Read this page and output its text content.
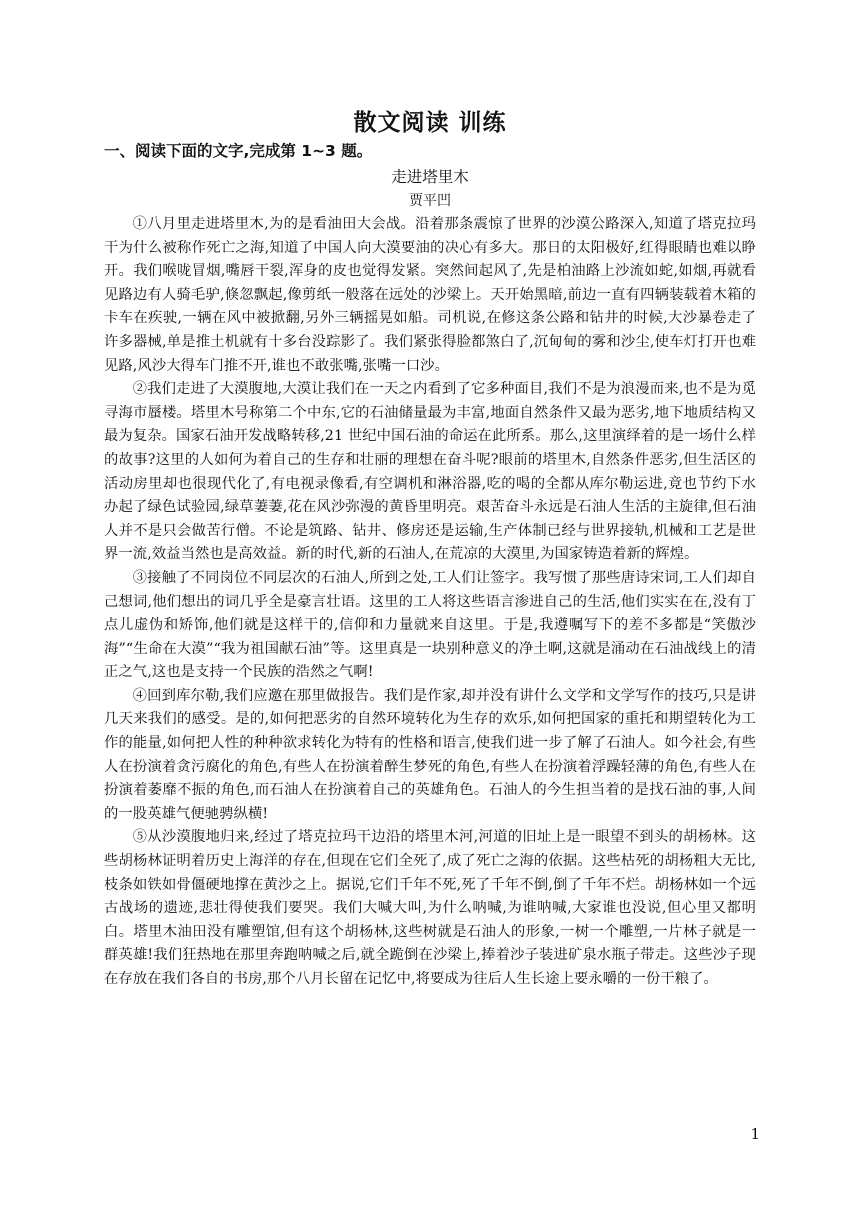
散文阅读 训练

一、阅读下面的文字,完成第 1~3 题。

走进塔里木

贾平凹

①八月里走进塔里木,为的是看油田大会战。沿着那条震惊了世界的沙漠公路深入,知道了塔克拉玛干为什么被称作死亡之海,知道了中国人向大漠要油的决心有多大。那日的太阳极好,红得眼睛也难以睁开。我们喉咙冒烟,嘴唇干裂,浑身的皮也觉得发紧。突然间起风了,先是柏油路上沙流如蛇,如烟,再就看见路边有人骑毛驴,倏忽飘起,像剪纸一般落在远处的沙梁上。天开始黑暗,前边一直有四辆装载着木箱的卡车在疾驶,一辆在风中被掀翻,另外三辆摇晃如船。司机说,在修这条公路和钻井的时候,大沙暴卷走了许多器械,单是推土机就有十多台没踪影了。我们紧张得脸都煞白了,沉甸甸的雾和沙尘,使车灯打开也难见路,风沙大得车门推不开,谁也不敢张嘴,张嘴一口沙。

②我们走进了大漠腹地,大漠让我们在一天之内看到了它多种面目,我们不是为浪漫而来,也不是为觅寻海市蜃楼。塔里木号称第二个中东,它的石油储量最为丰富,地面自然条件又最为恶劣,地下地质结构又最为复杂。国家石油开发战略转移,21 世纪中国石油的命运在此所系。那么,这里演绎着的是一场什么样的故事?这里的人如何为着自己的生存和壮丽的理想在奋斗呢?眼前的塔里木,自然条件恶劣,但生活区的活动房里却也很现代化了,有电视录像看,有空调机和淋浴器,吃的喝的全都从库尔勒运进,竟也节约下水办起了绿色试验园,绿草萋萋,花在风沙弥漫的黄昏里明亮。艰苦奋斗永远是石油人生活的主旋律,但石油人并不是只会做苦行僧。不论是筑路、钻井、修房还是运输,生产体制已经与世界接轨,机械和工艺是世界一流,效益当然也是高效益。新的时代,新的石油人,在荒凉的大漠里,为国家铸造着新的辉煌。

③接触了不同岗位不同层次的石油人,所到之处,工人们让签字。我写惯了那些唐诗宋词,工人们却自己想词,他们想出的词几乎全是豪言壮语。这里的工人将这些语言渗进自己的生活,他们实实在在,没有丁点儿虚伪和矫饰,他们就是这样干的,信仰和力量就来自这里。于是,我遵嘱写下的差不多都是“笑傲沙海”“生命在大漠”“我为祖国献石油”等。这里真是一块别种意义的净土啊,这就是涌动在石油战线上的清正之气,这也是支持一个民族的浩然之气啊!

④回到库尔勒,我们应邀在那里做报告。我们是作家,却并没有讲什么文学和文学写作的技巧,只是讲几天来我们的感受。是的,如何把恶劣的自然环境转化为生存的欢乐,如何把国家的重托和期望转化为工作的能量,如何把人性的种种欲求转化为特有的性格和语言,使我们进一步了解了石油人。如今社会,有些人在扮演着贪污腐化的角色,有些人在扮演着醉生梦死的角色,有些人在扮演着浮躁轻薄的角色,有些人在扮演着萎靡不振的角色,而石油人在扮演着自己的英雄角色。石油人的今生担当着的是找石油的事,人间的一股英雄气便驰骋纵横!

⑤从沙漠腹地归来,经过了塔克拉玛干边沿的塔里木河,河道的旧址上是一眼望不到头的胡杨林。这些胡杨林证明着历史上海洋的存在,但现在它们全死了,成了死亡之海的依据。这些枯死的胡杨粗大无比,枝条如铁如骨僵硬地撑在黄沙之上。据说,它们千年不死,死了千年不倒,倒了千年不烂。胡杨林如一个远古战场的遗迹,悲壮得使我们要哭。我们大喊大叫,为什么呐喊,为谁呐喊,大家谁也没说,但心里又都明白。塔里木油田没有雕塑馆,但有这个胡杨林,这些树就是石油人的形象,一树一个雕塑,一片林子就是一群英雄!我们狂热地在那里奔跑呐喊之后,就全跪倒在沙梁上,捧着沙子装进矿泉水瓶子带走。这些沙子现在存放在我们各自的书房,那个八月长留在记忆中,将要成为往后人生长途上要永嚼的一份干粮了。

1
